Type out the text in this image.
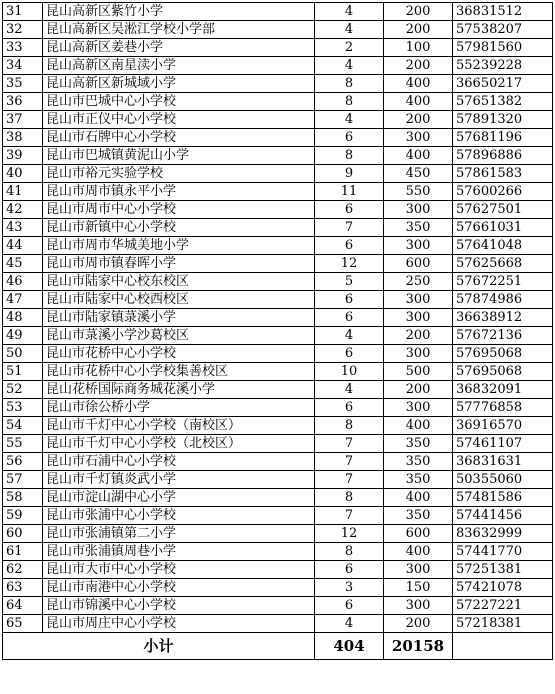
31	昆山高新区紫竹小学	4	200	36831512
32	昆山高新区吴淞江学校小学部	4	200	57538207
33	昆山高新区姜巷小学	2	100	57981560
34	昆山高新区南星渎小学	4	200	55239228
35	昆山高新区新城域小学	8	400	36650217
36	昆山市巴城中心小学校	8	400	57651382
37	昆山市正仪中心小学校	4	200	57891320
38	昆山市石牌中心小学校	6	300	57681196
39	昆山市巴城镇黄泥山小学	8	400	57896886
40	昆山市裕元实验学校	9	450	57861583
41	昆山市周市镇永平小学	11	550	57600266
42	昆山市周市中心小学校	6	300	57627501
43	昆山市新镇中心小学校	7	350	57661031
44	昆山市周市华城美地小学	6	300	57641048
45	昆山市周市镇春晖小学	12	600	57625668
46	昆山市陆家中心校东校区	5	250	57672251
47	昆山市陆家中心校西校区	6	300	57874986
48	昆山市陆家镇菉溪小学	6	300	36638912
49	昆山市菉溪小学沙葛校区	4	200	57672136
50	昆山市花桥中心小学校	6	300	57695068
51	昆山市花桥中心小学校集善校区	10	500	57695068
52	昆山花桥国际商务城花溪小学	4	200	36832091
53	昆山市徐公桥小学	6	300	57776858
54	昆山市千灯中心小学校（南校区）	8	400	36916570
55	昆山市千灯中心小学校（北校区）	7	350	57461107
56	昆山市石浦中心小学校	7	350	36831631
57	昆山市千灯镇炎武小学	7	350	50355060
58	昆山市淀山湖中心小学	8	400	57481586
59	昆山市张浦中心小学校	7	350	57441456
60	昆山市张浦镇第二小学	12	600	83632999
61	昆山市张浦镇周巷小学	8	400	57441770
62	昆山市大市中心小学校	6	300	57251381
63	昆山市南港中心小学校	3	150	57421078
64	昆山市锦溪中心小学校	6	300	57227221
65	昆山市周庄中心小学校	4	200	57218381
小计		404	20158	
